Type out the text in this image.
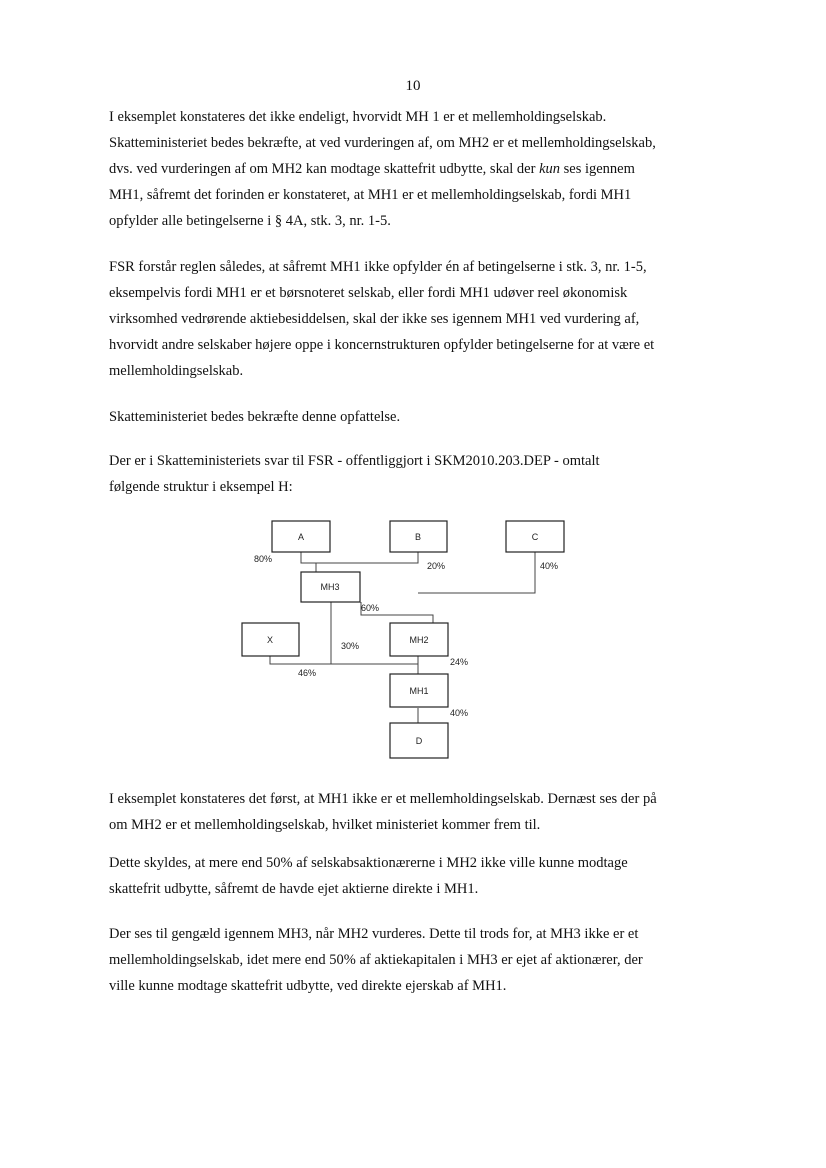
10
I eksemplet konstateres det ikke endeligt, hvorvidt MH 1 er et mellemholdingselskab.
Skatteministeriet bedes bekræfte, at ved vurderingen af, om MH2 er et mellemholdingselskab,
dvs. ved vurderingen af om MH2 kan modtage skattefrit udbytte, skal der kun ses igennem
MH1, såfremt det forinden er konstateret, at MH1 er et mellemholdingselskab, fordi MH1
opfylder alle betingelserne i § 4A, stk. 3, nr. 1-5.
FSR forstår reglen således, at såfremt MH1 ikke opfylder én af betingelserne i stk. 3, nr. 1-5,
eksempelvis fordi MH1 er et børsnoteret selskab, eller fordi MH1 udøver reel økonomisk
virksomhed vedrørende aktiebesiddelsen, skal der ikke ses igennem MH1 ved vurdering af,
hvorvidt andre selskaber højere oppe i koncernstrukturen opfylder betingelserne for at være et
mellemholdingselskab.
Skatteministeriet bedes bekræfte denne opfattelse.
Der er i Skatteministeriets svar til FSR - offentliggjort i SKM2010.203.DEP - omtalt
følgende struktur i eksempel H:
A	B	C
MH3
X	MH2
MH1
D
80%
20%	40%
60%
30%
46%
24%
40%
I eksemplet konstateres det først, at MH1 ikke er et mellemholdingselskab. Dernæst ses der på
om MH2 er et mellemholdingselskab, hvilket ministeriet kommer frem til.
Dette skyldes, at mere end 50% af selskabsaktionærerne i MH2 ikke ville kunne modtage
skattefrit udbytte, såfremt de havde ejet aktierne direkte i MH1.
Der ses til gengæld igennem MH3, når MH2 vurderes. Dette til trods for, at MH3 ikke er et
mellemholdingselskab, idet mere end 50% af aktiekapitalen i MH3 er ejet af aktionærer, der
ville kunne modtage skattefrit udbytte, ved direkte ejerskab af MH1.
